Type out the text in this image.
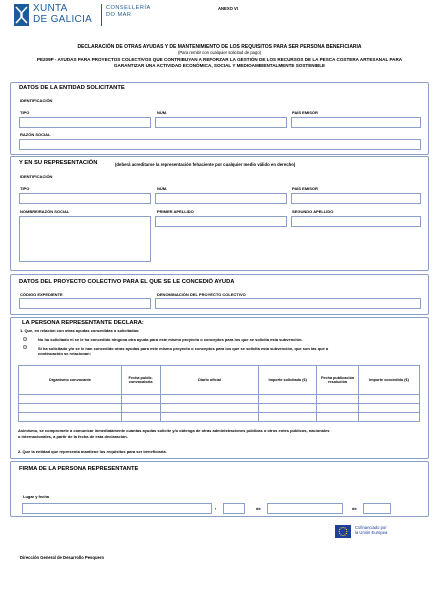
XUNTA
DE GALICIA
CONSELLERÍA
DO MAR
ANEXO VI
DECLARACIÓN DE OTRAS AYUDAS Y DE MANTENIMIENTO DE LOS REQUISITOS PARA SER PERSONA BENEFICIARIA
(Para remitir con cualquier solicitud de pago)
PE209P - AYUDAS PARA PROYECTOS COLECTIVOS QUE CONTRIBUYAN A REFORZAR LA GESTIÓN DE LOS RECURSOS DE LA PESCA COSTERA ARTESANAL PARA
GARANTIZAR UNA ACTIVIDAD ECONÓMICA, SOCIAL Y MEDIOAMBIENTALMENTE SOSTENIBLE
DATOS DE LA ENTIDAD SOLICITANTE
IDENTIFICACIÓN
TIPO	NÚM.	PAÍS EMISOR
RAZÓN SOCIAL
Y EN SU REPRESENTACIÓN	(deberá acreditarse la representación fehaciente por cualquier medio válido en derecho)
IDENTIFICACIÓN
TIPO	NÚM.	PAÍS EMISOR
NOMBRE/RAZÓN SOCIAL	PRIMER APELLIDO	SEGUNDO APELLIDO
DATOS DEL PROYECTO COLECTIVO PARA EL QUE SE LE CONCEDIÓ AYUDA
CÓDIGO EXPEDIENTE	DENOMINACIÓN DEL PROYECTO COLECTIVO
LA PERSONA REPRESENTANTE DECLARA:
1. Que, en relación con otras ayudas concedidas o solicitadas:
No ha solicitado ni se le ha concedido ninguna otra ayuda para este mismo proyecto o conceptos para los que se solicita esta subvención.
Sí ha solicitado y/o se le han concedido otras ayudas para este mismo proyecto o conceptos para los que se solicita esta subvención, que son las que a
continuación se relacionan:
Organismo convocante	Fecha public. convocatoria	Diario oficial	Importe solicitado (€)	Fecha publicación resolución	Importe concedido (€)

Asimismo, se compromete a comunicar inmediatamente cuantas ayudas solicite y/o obtenga de otras administraciones públicas o otros entes públicos, nacionales
o internacionales, a partir de la fecha de esta declaración.
2. Que la entidad que representa mantiene los requisitos para ser beneficiaria.
FIRMA DE LA PERSONA REPRESENTANTE
Lugar y fecha
,	de	de
Cofinanciado por
la Unión Europea
Dirección General de Desarrollo Pesquero
